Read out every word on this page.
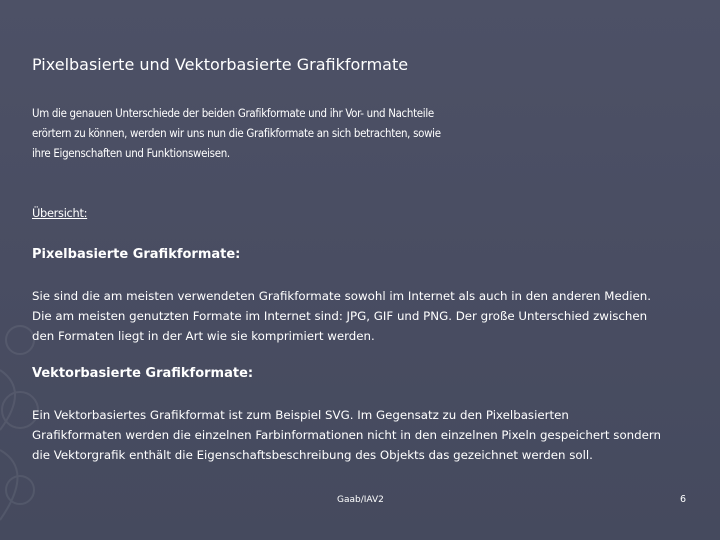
Pixelbasierte und Vektorbasierte Grafikformate

Um die genauen Unterschiede der beiden Grafikformate und ihr Vor- und Nachteile
erörtern zu können, werden wir uns nun die Grafikformate an sich betrachten, sowie
ihre Eigenschaften und Funktionsweisen.

Übersicht:
Pixelbasierte Grafikformate:

Sie sind die am meisten verwendeten Grafikformate sowohl im Internet als auch in den anderen Medien.
Die am meisten genutzten Formate im Internet sind: JPG, GIF und PNG. Der große Unterschied zwischen
den Formaten liegt in der Art wie sie komprimiert werden.

Vektorbasierte Grafikformate:

Ein Vektorbasiertes Grafikformat ist zum Beispiel SVG. Im Gegensatz zu den Pixelbasierten
Grafikformaten werden die einzelnen Farbinformationen nicht in den einzelnen Pixeln gespeichert sondern
die Vektorgrafik enthält die Eigenschaftsbeschreibung des Objekts das gezeichnet werden soll.

Gaab/IAV2	6
